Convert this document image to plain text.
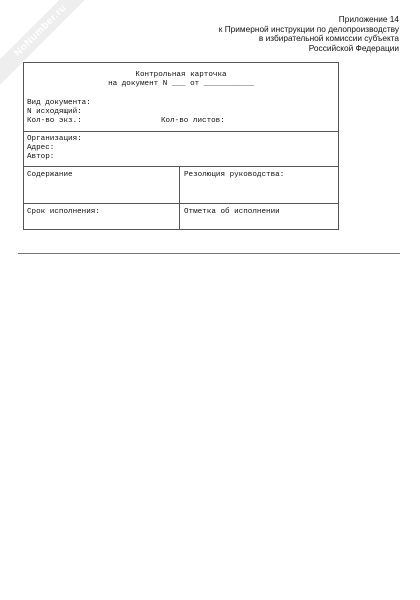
NoNumber.ru	Приложение 14
к Примерной инструкции по делопроизводству
в избирательной комиссии субъекта
Российской Федерации
Контрольная карточка
на документ N ___ от ___________
Вид документа:
N исходящий:
Кол-во экз.:	Кол-во листов:
Организация:
Адрес:
Автор:
Содержание	Резолюция руководства:
Срок исполнения:	Отметка об исполнении
